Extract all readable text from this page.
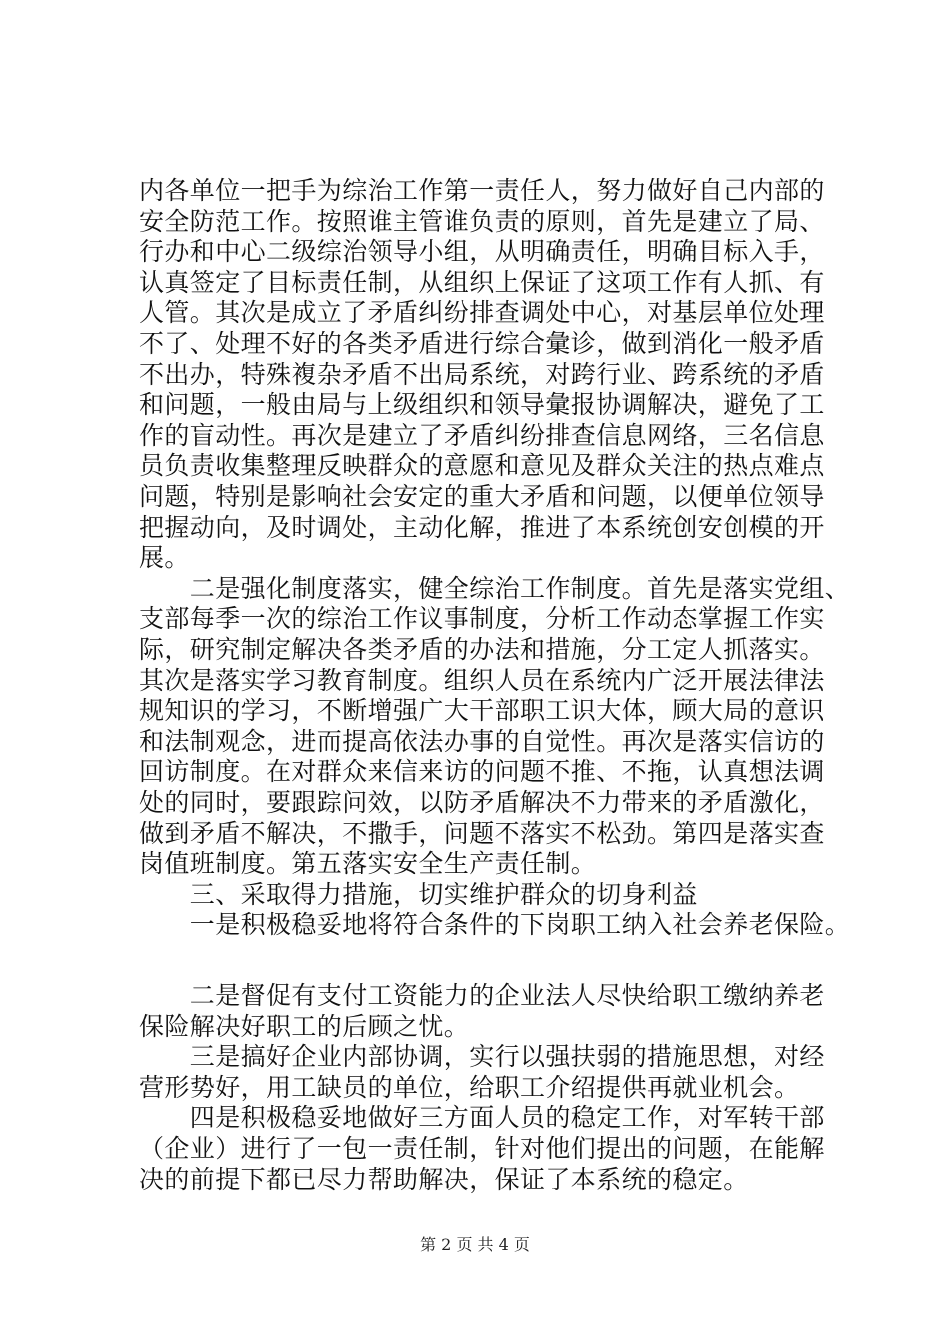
内各单位一把手为综治工作第一责任人，努力做好自己内部的
安全防范工作。按照谁主管谁负责的原则，首先是建立了局、
行办和中心二级综治领导小组，从明确责任，明确目标入手，
认真签定了目标责任制，从组织上保证了这项工作有人抓、有
人管。其次是成立了矛盾纠纷排查调处中心，对基层单位处理
不了、处理不好的各类矛盾进行综合彙诊，做到消化一般矛盾
不出办，特殊複杂矛盾不出局系统，对跨行业、跨系统的矛盾
和问题，一般由局与上级组织和领导彙报协调解决，避免了工
作的盲动性。再次是建立了矛盾纠纷排查信息网络，三名信息
员负责收集整理反映群众的意愿和意见及群众关注的热点难点
问题，特别是影响社会安定的重大矛盾和问题，以便单位领导
把握动向，及时调处，主动化解，推进了本系统创安创模的开
展。
　　二是强化制度落实，健全综治工作制度。首先是落实党组、
支部每季一次的综治工作议事制度，分析工作动态掌握工作实
际，研究制定解决各类矛盾的办法和措施，分工定人抓落实。
其次是落实学习教育制度。组织人员在系统内广泛开展法律法
规知识的学习，不断增强广大干部职工识大体，顾大局的意识
和法制观念，进而提高依法办事的自觉性。再次是落实信访的
回访制度。在对群众来信来访的问题不推、不拖，认真想法调
处的同时，要跟踪问效，以防矛盾解决不力带来的矛盾激化，
做到矛盾不解决，不撒手，问题不落实不松劲。第四是落实查
岗值班制度。第五落实安全生产责任制。
　　三、采取得力措施，切实维护群众的切身利益
　　一是积极稳妥地将符合条件的下岗职工纳入社会养老保险。
　　二是督促有支付工资能力的企业法人尽快给职工缴纳养老
保险解决好职工的后顾之忧。
　　三是搞好企业内部协调，实行以强扶弱的措施思想，对经
营形势好，用工缺员的单位，给职工介绍提供再就业机会。
　　四是积极稳妥地做好三方面人员的稳定工作，对军转干部
（企业）进行了一包一责任制，针对他们提出的问题，在能解
决的前提下都已尽力帮助解决，保证了本系统的稳定。
第 2 页 共 4 页
